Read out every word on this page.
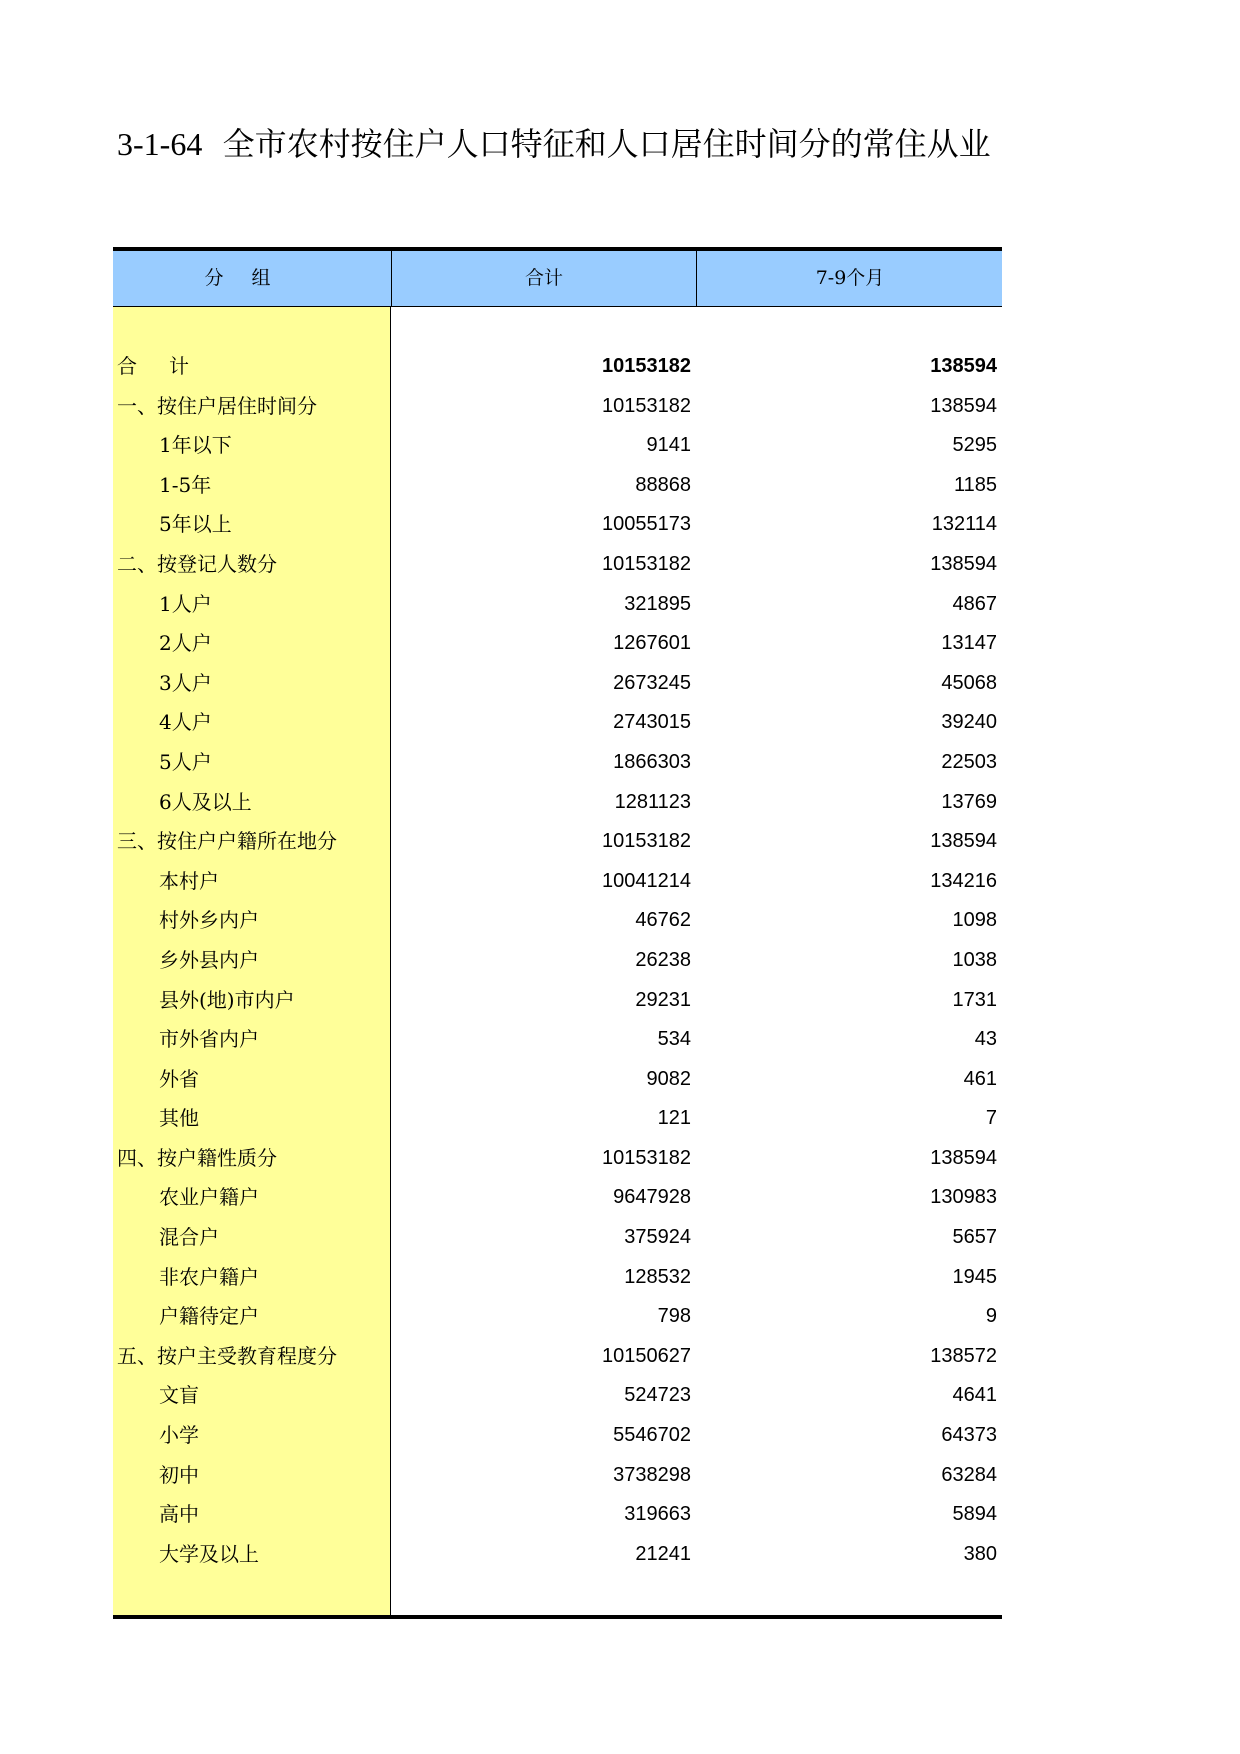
3-1-64 全市农村按住户人口特征和人口居住时间分的常住从业
分组	合计	7-9个月
合计	10153182	138594
一、按住户居住时间分	10153182	138594
1年以下	9141	5295
1-5年	88868	1185
5年以上	10055173	132114
二、按登记人数分	10153182	138594
1人户	321895	4867
2人户	1267601	13147
3人户	2673245	45068
4人户	2743015	39240
5人户	1866303	22503
6人及以上	1281123	13769
三、按住户户籍所在地分	10153182	138594
本村户	10041214	134216
村外乡内户	46762	1098
乡外县内户	26238	1038
县外(地)市内户	29231	1731
市外省内户	534	43
外省	9082	461
其他	121	7
四、按户籍性质分	10153182	138594
农业户籍户	9647928	130983
混合户	375924	5657
非农户籍户	128532	1945
户籍待定户	798	9
五、按户主受教育程度分	10150627	138572
文盲	524723	4641
小学	5546702	64373
初中	3738298	63284
高中	319663	5894
大学及以上	21241	380
